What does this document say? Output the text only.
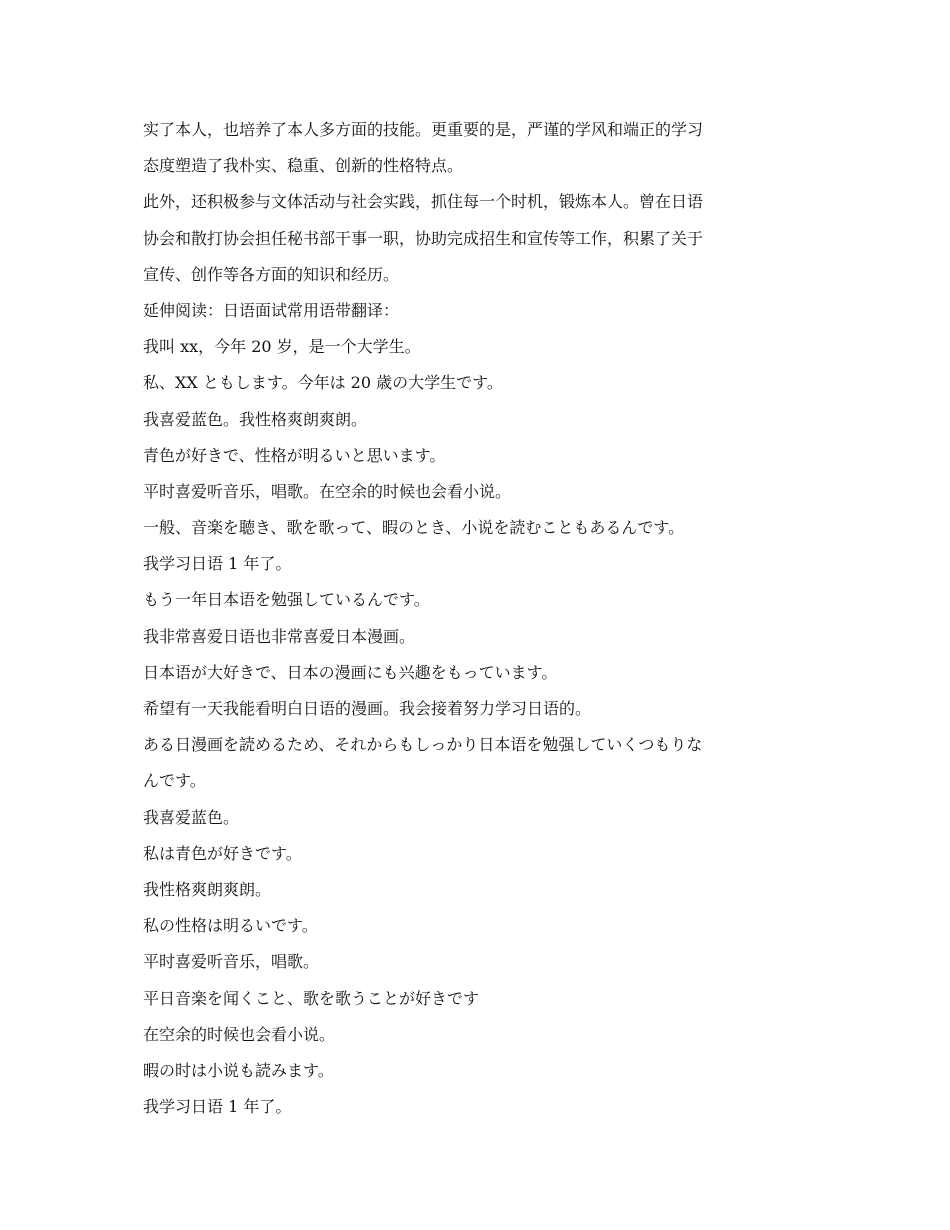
实了本人，也培养了本人多方面的技能。更重要的是，严谨的学风和端正的学习
态度塑造了我朴实、稳重、创新的性格特点。
此外，还积极参与文体活动与社会实践，抓住每一个时机，锻炼本人。曾在日语
协会和散打协会担任秘书部干事一职，协助完成招生和宣传等工作，积累了关于
宣传、创作等各方面的知识和经历。
延伸阅读：日语面试常用语带翻译：
我叫 xx，今年 20 岁，是一个大学生。
私、XX ともします。今年は 20 歳の大学生です。
我喜爱蓝色。我性格爽朗爽朗。
青色が好きで、性格が明るいと思います。
平时喜爱听音乐，唱歌。在空余的时候也会看小说。
一般、音楽を聴き、歌を歌って、暇のとき、小说を読むこともあるんです。
我学习日语 1 年了。
もう一年日本语を勉强しているんです。
我非常喜爱日语也非常喜爱日本漫画。
日本语が大好きで、日本の漫画にも兴趣をもっています。
希望有一天我能看明白日语的漫画。我会接着努力学习日语的。
ある日漫画を読めるため、それからもしっかり日本语を勉强していくつもりな
んです。
我喜爱蓝色。
私は青色が好きです。
我性格爽朗爽朗。
私の性格は明るいです。
平时喜爱听音乐，唱歌。
平日音楽を闻くこと、歌を歌うことが好きです
在空余的时候也会看小说。
暇の时は小说も読みます。
我学习日语 1 年了。
